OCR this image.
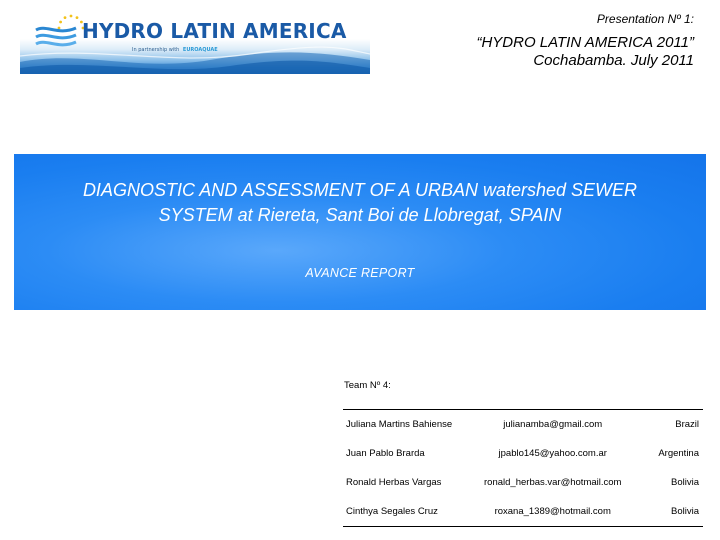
HYDRO LATIN AMERICA
In partnership with EUROAQUAE
Presentation Nº 1:
“HYDRO LATIN AMERICA 2011”
Cochabamba. July 2011
DIAGNOSTIC AND ASSESSMENT OF A URBAN watershed SEWER
SYSTEM at Riereta, Sant Boi de Llobregat, SPAIN
AVANCE REPORT
Team Nº 4:
Juliana Martins Bahiense	julianamba@gmail.com	Brazil
Juan Pablo Brarda	jpablo145@yahoo.com.ar	Argentina
Ronald Herbas Vargas	ronald_herbas.var@hotmail.com	Bolivia
Cinthya Segales Cruz	roxana_1389@hotmail.com	Bolivia
